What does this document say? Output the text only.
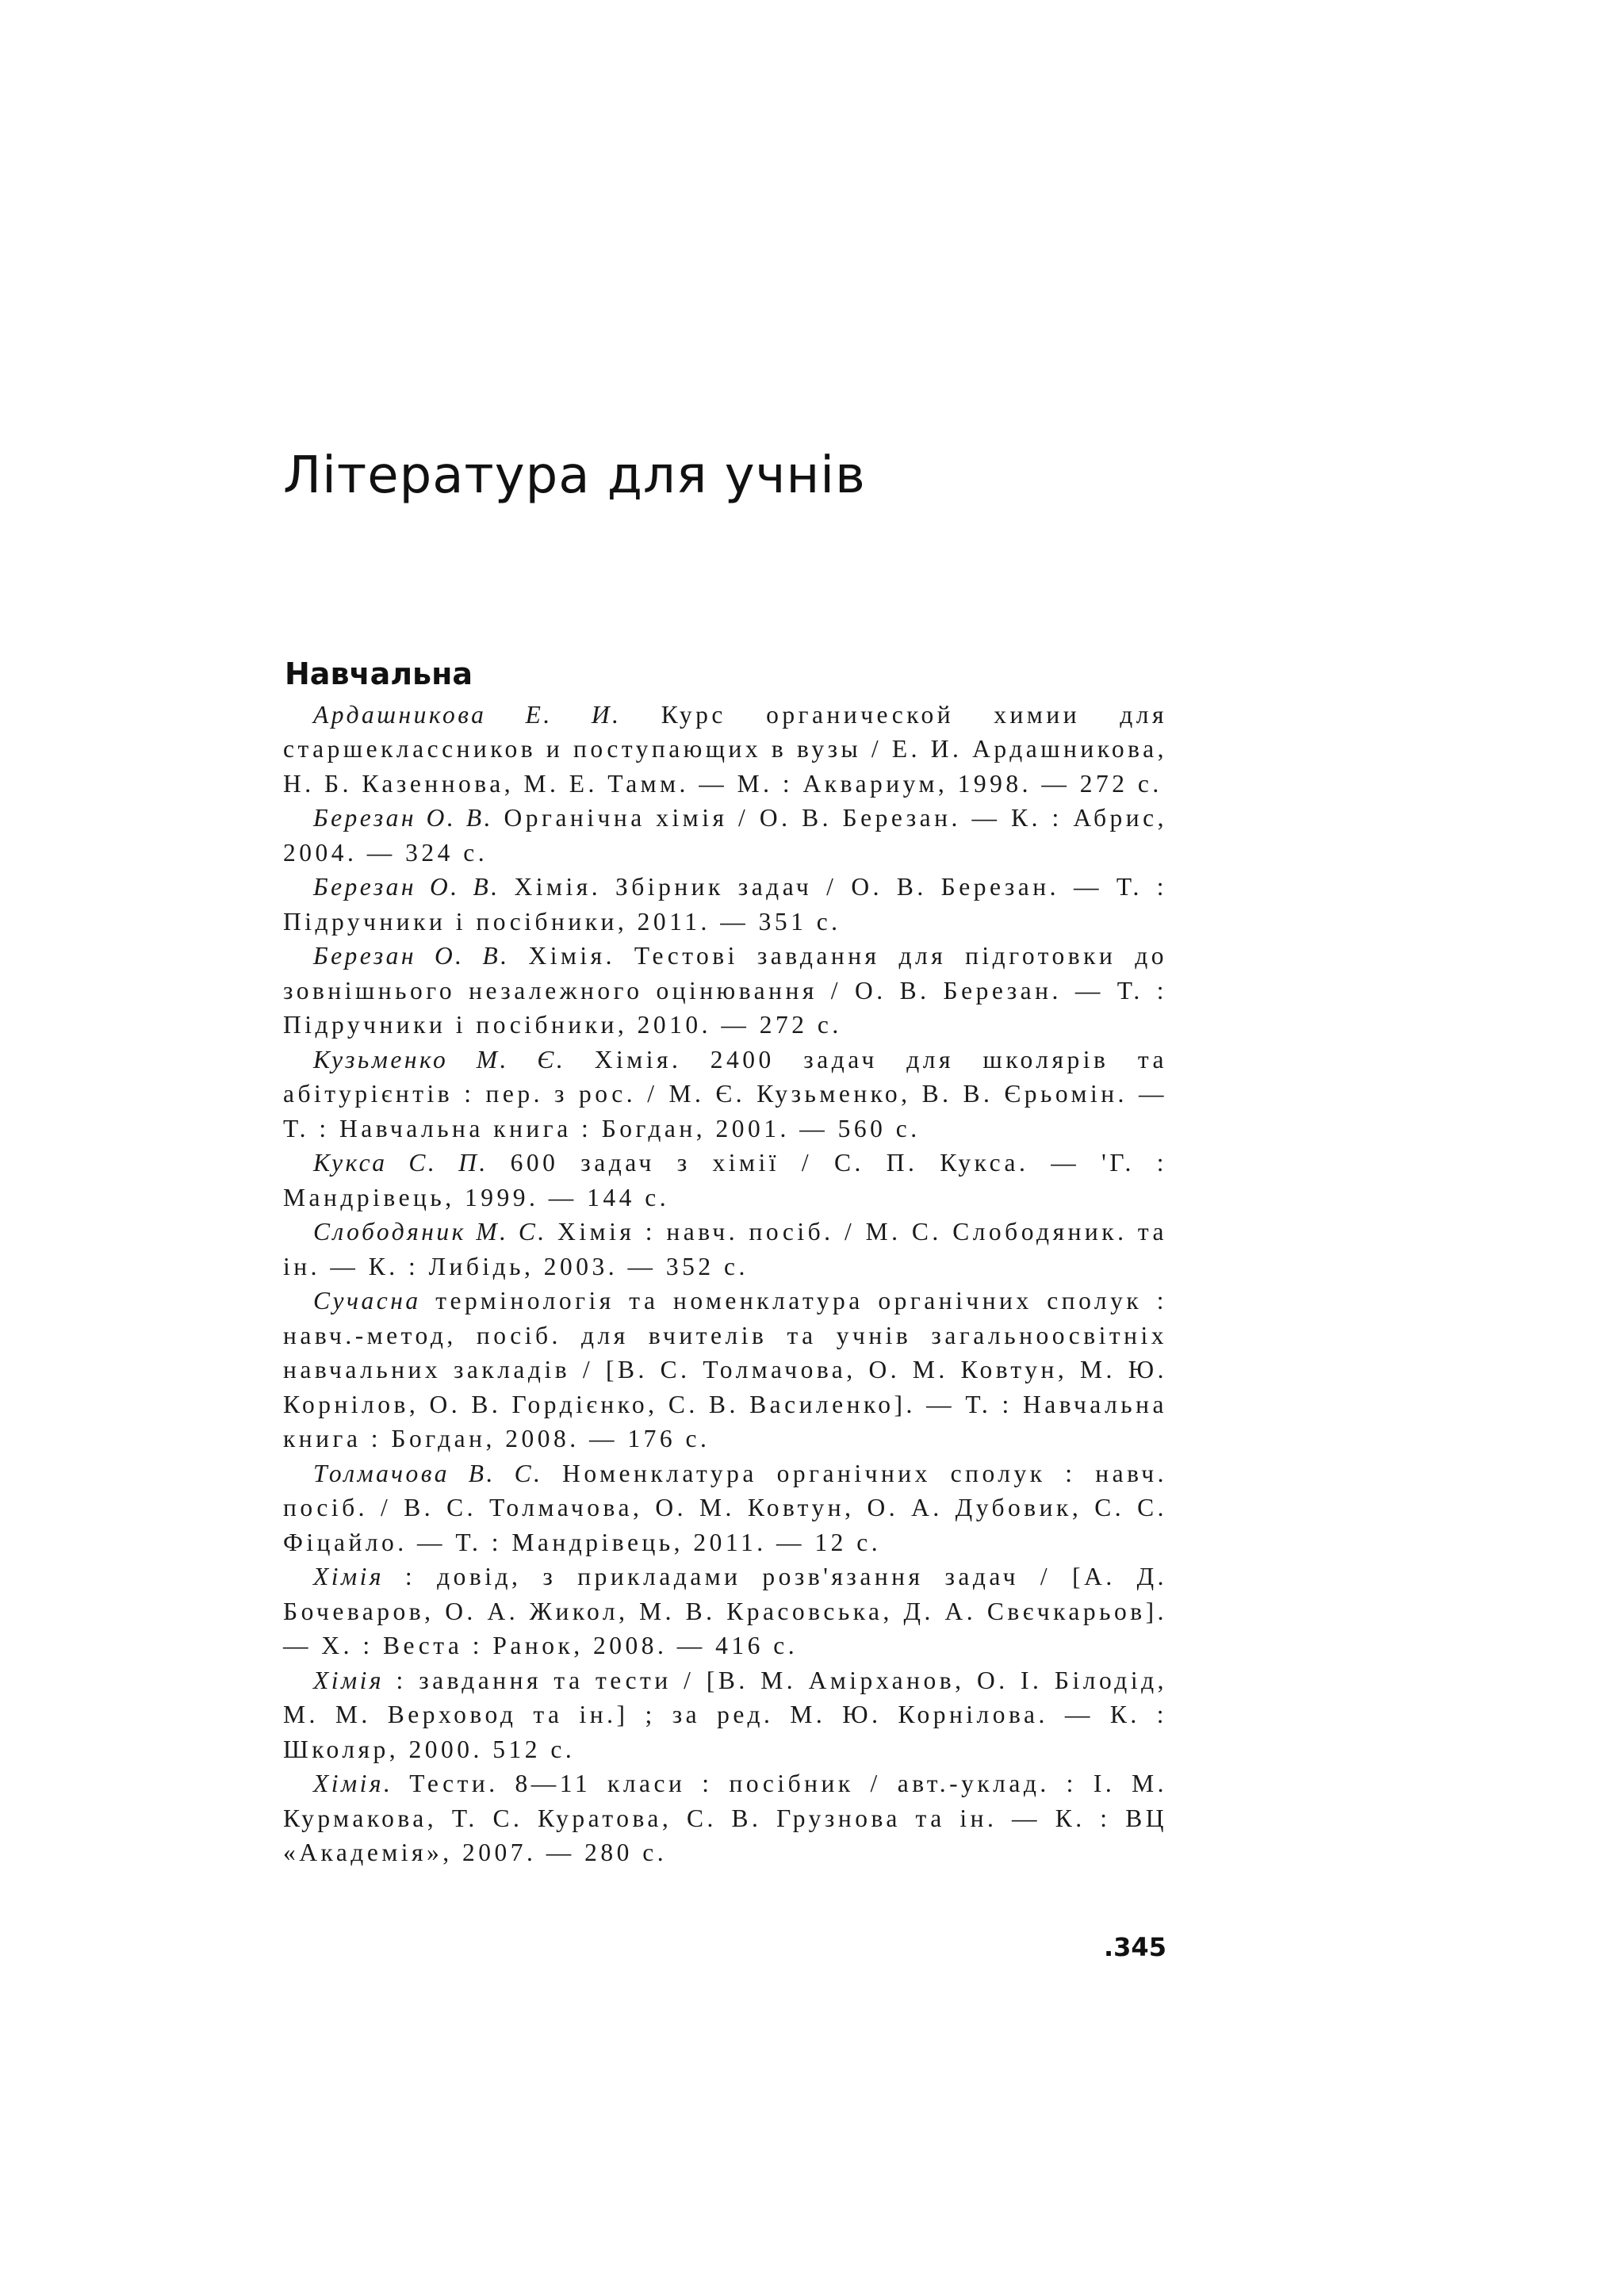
Література для учнів
Навчальна
Ардашникова Е. И. Курс органической химии для старшеклассников и поступающих в вузы / Е. И. Ардашникова, Н. Б. Казеннова, М. Е. Тамм. — М. : Аквариум, 1998. — 272 с.
Березан О. В. Органічна хімія / О. В. Березан. — К. : Абрис, 2004. — 324 с.
Березан О. В. Хімія. Збірник задач / О. В. Березан. — Т. : Підручники і посібники, 2011. — 351 с.
Березан О. В. Хімія. Тестові завдання для підготовки до зовнішнього незалежного оцінювання / О. В. Березан. — Т. : Підручники і посібники, 2010. — 272 с.
Кузьменко М. Є. Хімія. 2400 задач для школярів та абітурієнтів : пер. з рос. / М. Є. Кузьменко, В. В. Єрьомін. — Т. : Навчальна книга : Богдан, 2001. — 560 с.
Кукса С. П. 600 задач з хімії / С. П. Кукса. — 'Г. : Мандрівець, 1999. — 144 с.
Слободяник М. С. Хімія : навч. посіб. / М. С. Слободяник. та ін. — К. : Либідь, 2003. — 352 с.
Сучасна термінологія та номенклатура органічних сполук : навч.-метод, посіб. для вчителів та учнів загальноосвітніх навчальних закладів / [В. С. Толмачова, О. М. Ковтун, М. Ю. Корнілов, О. В. Гордієнко, С. В. Василенко]. — Т. : Навчальна книга : Богдан, 2008. — 176 с.
Толмачова В. С. Номенклатура органічних сполук : навч. посіб. / В. С. Толмачова, О. М. Ковтун, О. А. Дубовик, С. С. Фіцайло. — Т. : Мандрівець, 2011. — 12 с.
Хімія : довід, з прикладами розв'язання задач / [А. Д. Бочеваров, О. А. Жикол, М. В. Красовська, Д. А. Свєчкарьов]. — X. : Веста : Ранок, 2008. — 416 с.
Хімія : завдання та тести / [В. М. Амірханов, О. І. Білодід, М. М. Верховод та ін.] ; за ред. М. Ю. Корнілова. — К. : Школяр, 2000. 512 с.
Хімія. Тести. 8—11 класи : посібник / авт.-уклад. : І. М. Курмакова, Т. С. Куратова, С. В. Грузнова та ін. — К. : ВЦ «Академія», 2007. — 280 с.

.345
